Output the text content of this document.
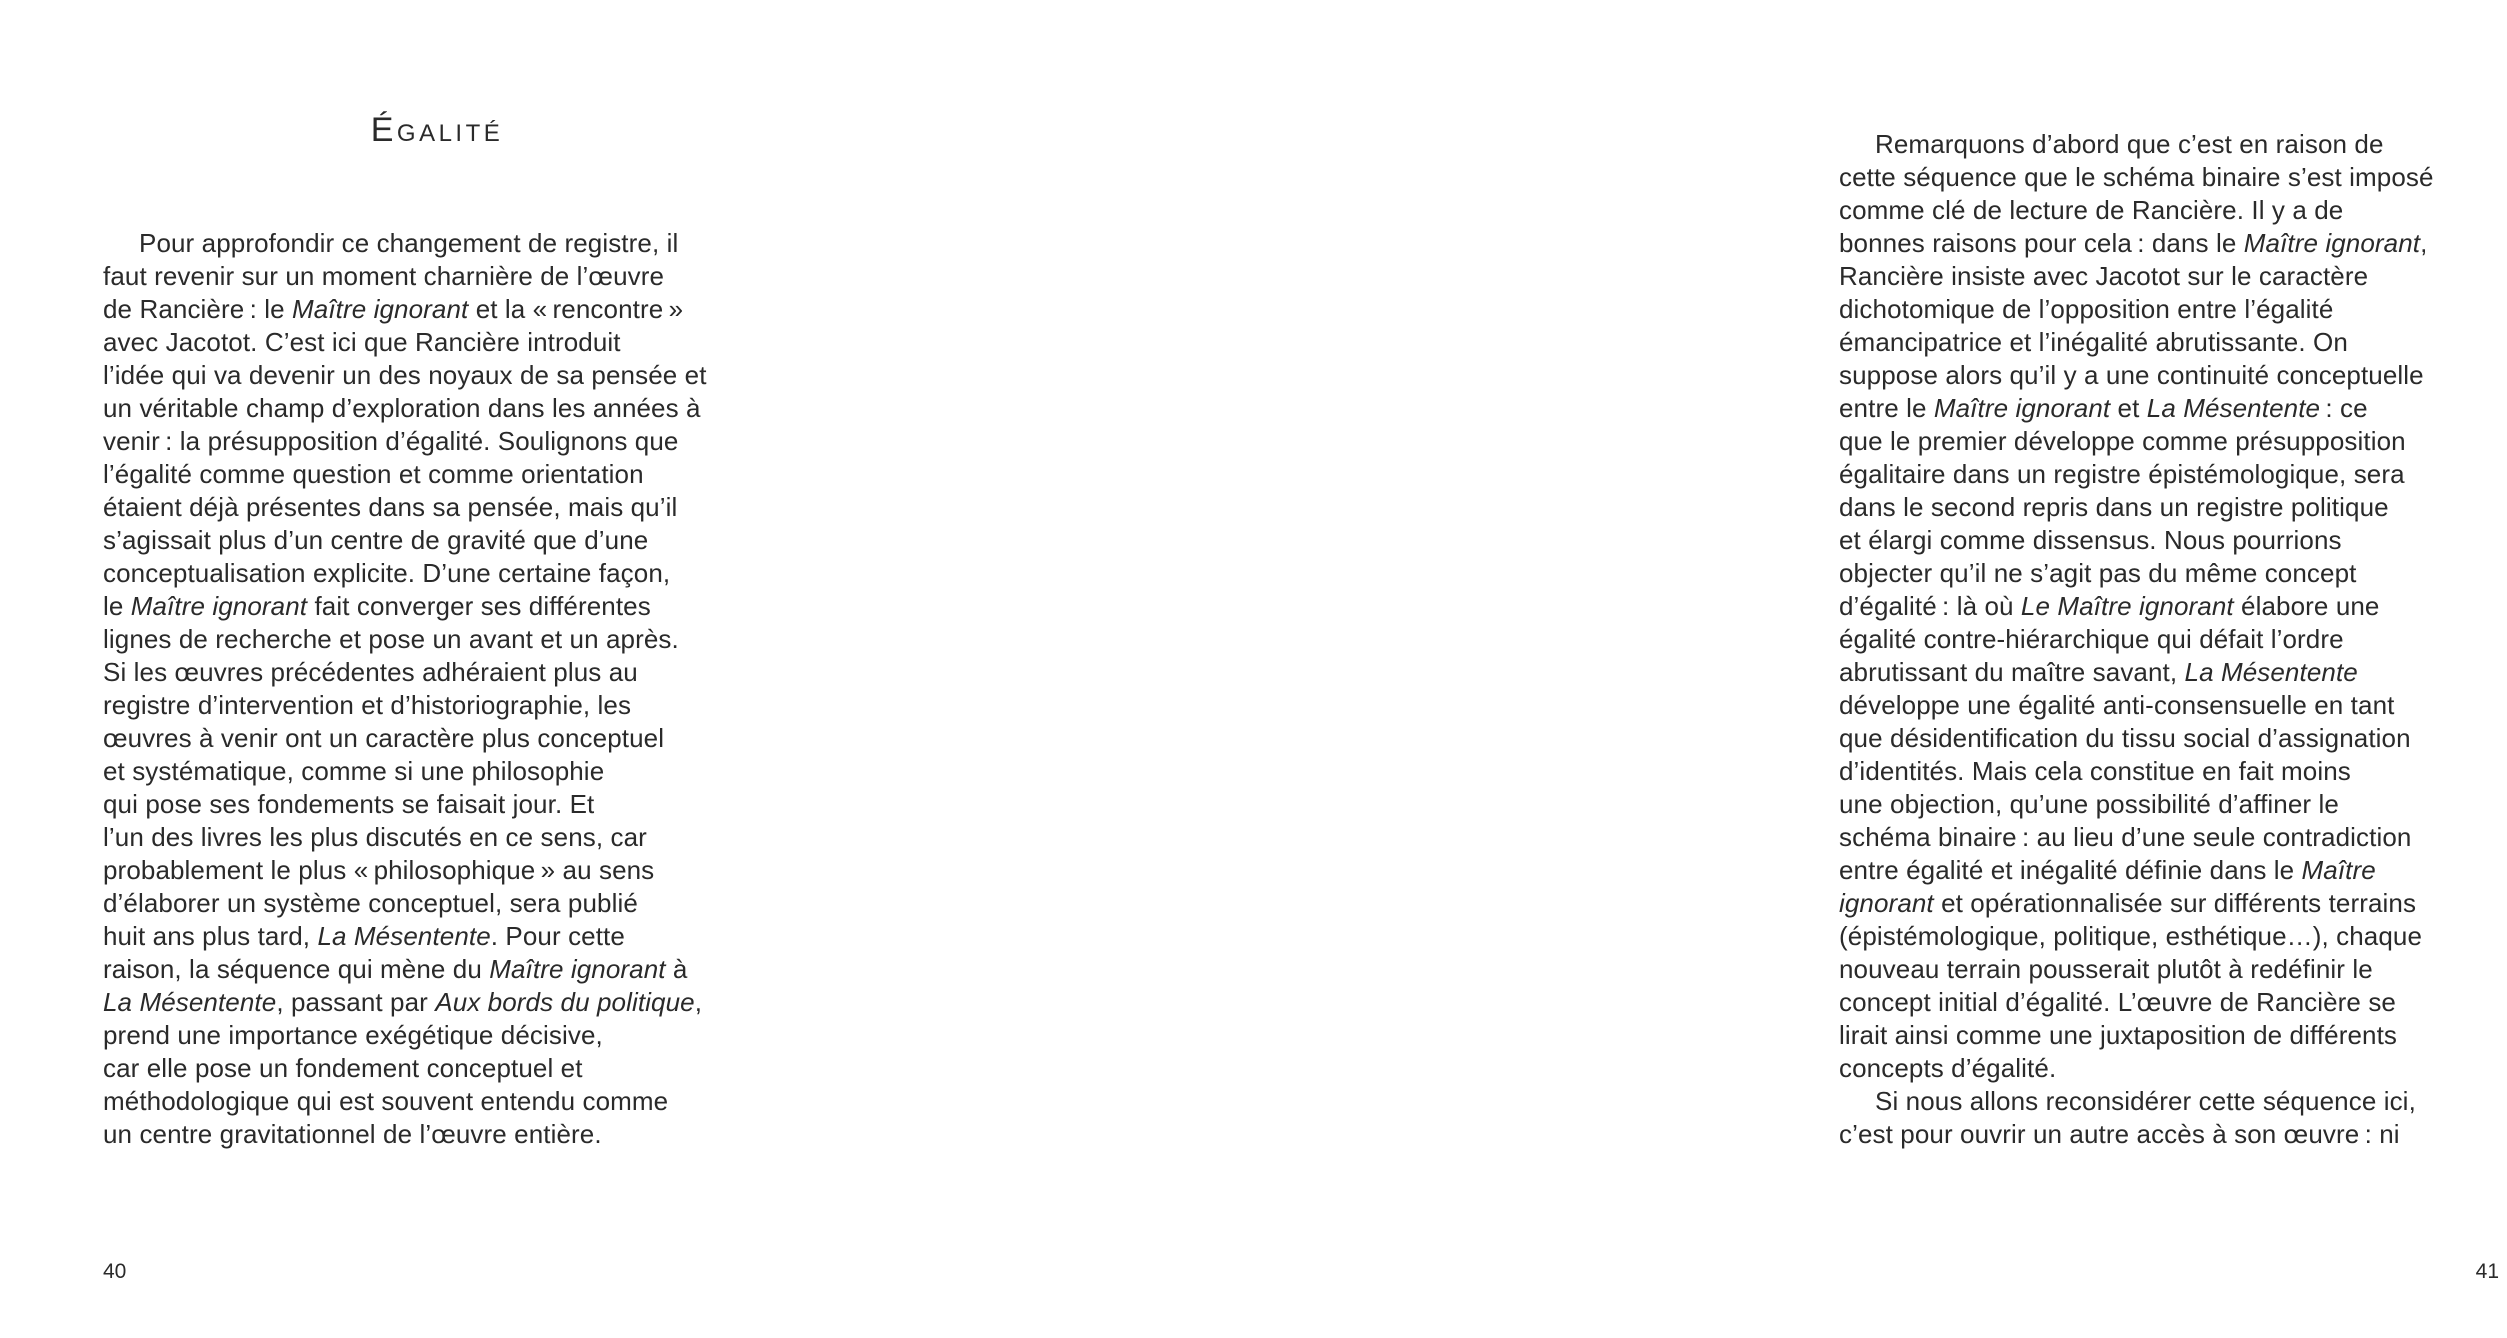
ÉGALITÉ
Pour approfondir ce changement de registre, il
faut revenir sur un moment charnière de l’œuvre
de Rancière : le Maître ignorant et la « rencontre »
avec Jacotot. C’est ici que Rancière introduit
l’idée qui va devenir un des noyaux de sa pensée et
un véritable champ d’exploration dans les années à
venir : la présupposition d’égalité. Soulignons que
l’égalité comme question et comme orientation
étaient déjà présentes dans sa pensée, mais qu’il
s’agissait plus d’un centre de gravité que d’une
conceptualisation explicite. D’une certaine façon,
le Maître ignorant fait converger ses différentes
lignes de recherche et pose un avant et un après.
Si les œuvres précédentes adhéraient plus au
registre d’intervention et d’historiographie, les
œuvres à venir ont un caractère plus conceptuel
et systématique, comme si une philosophie
qui pose ses fondements se faisait jour. Et
l’un des livres les plus discutés en ce sens, car
probablement le plus « philosophique » au sens
d’élaborer un système conceptuel, sera publié
huit ans plus tard, La Mésentente. Pour cette
raison, la séquence qui mène du Maître ignorant à
La Mésentente, passant par Aux bords du politique,
prend une importance exégétique décisive,
car elle pose un fondement conceptuel et
méthodologique qui est souvent entendu comme
un centre gravitationnel de l’œuvre entière.
40
Remarquons d’abord que c’est en raison de
cette séquence que le schéma binaire s’est imposé
comme clé de lecture de Rancière. Il y a de
bonnes raisons pour cela : dans le Maître ignorant,
Rancière insiste avec Jacotot sur le caractère
dichotomique de l’opposition entre l’égalité
émancipatrice et l’inégalité abrutissante. On
suppose alors qu’il y a une continuité conceptuelle
entre le Maître ignorant et La Mésentente : ce
que le premier développe comme présupposition
égalitaire dans un registre épistémologique, sera
dans le second repris dans un registre politique
et élargi comme dissensus. Nous pourrions
objecter qu’il ne s’agit pas du même concept
d’égalité : là où Le Maître ignorant élabore une
égalité contre-hiérarchique qui défait l’ordre
abrutissant du maître savant, La Mésentente
développe une égalité anti-consensuelle en tant
que désidentification du tissu social d’assignation
d’identités. Mais cela constitue en fait moins
une objection, qu’une possibilité d’affiner le
schéma binaire : au lieu d’une seule contradiction
entre égalité et inégalité définie dans le Maître
ignorant et opérationnalisée sur différents terrains
(épistémologique, politique, esthétique…), chaque
nouveau terrain pousserait plutôt à redéfinir le
concept initial d’égalité. L’œuvre de Rancière se
lirait ainsi comme une juxtaposition de différents
concepts d’égalité.
Si nous allons reconsidérer cette séquence ici,
c’est pour ouvrir un autre accès à son œuvre : ni
41
